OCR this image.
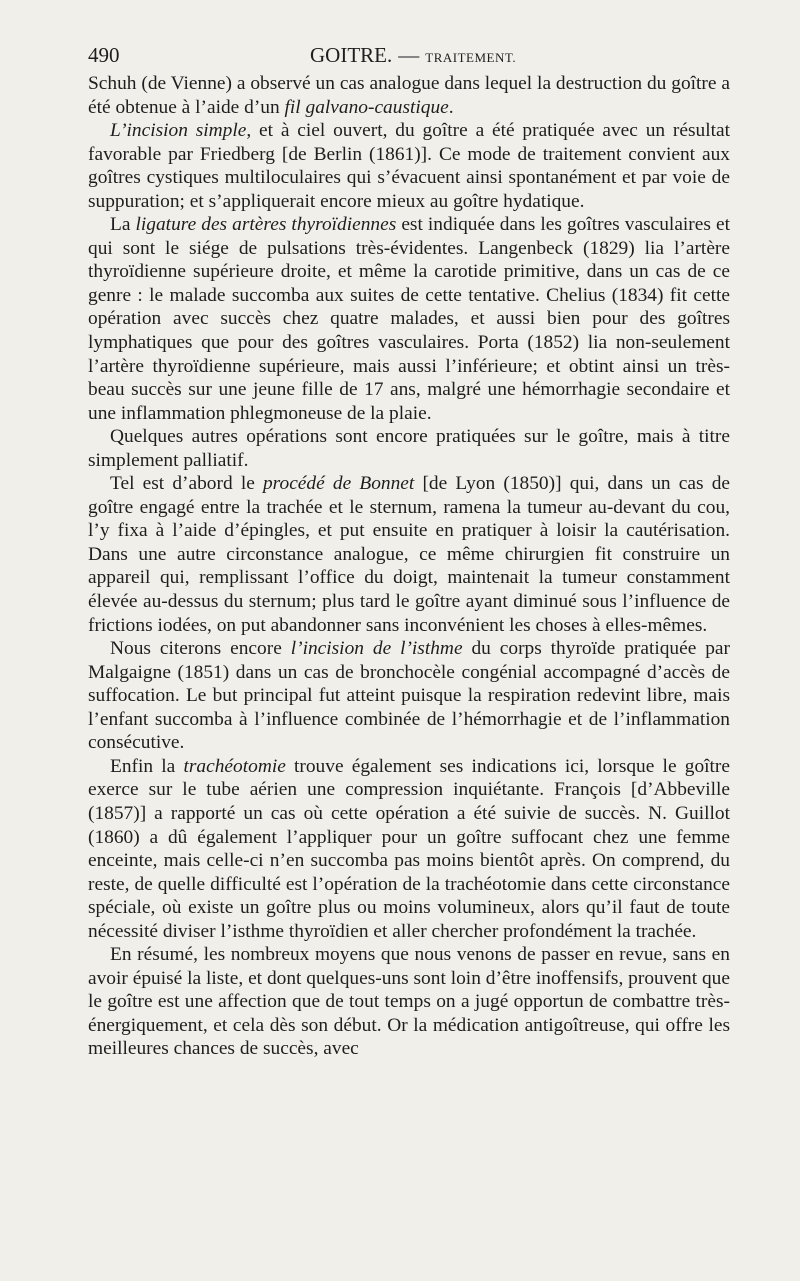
490	GOITRE. — TRAITEMENT.

Schuh (de Vienne) a observé un cas analogue dans lequel la destruction du goître a été obtenue à l’aide d’un fil galvano-caustique.

L’incision simple, et à ciel ouvert, du goître a été pratiquée avec un résultat favorable par Friedberg [de Berlin (1861)]. Ce mode de traitement convient aux goîtres cystiques multiloculaires qui s’évacuent ainsi spontanément et par voie de suppuration; et s’appliquerait encore mieux au goître hydatique.

La ligature des artères thyroïdiennes est indiquée dans les goîtres vasculaires et qui sont le siége de pulsations très-évidentes. Langenbeck (1829) lia l’artère thyroïdienne supérieure droite, et même la carotide primitive, dans un cas de ce genre : le malade succomba aux suites de cette tentative. Chelius (1834) fit cette opération avec succès chez quatre malades, et aussi bien pour des goîtres lymphatiques que pour des goîtres vasculaires. Porta (1852) lia non-seulement l’artère thyroïdienne supérieure, mais aussi l’inférieure; et obtint ainsi un très-beau succès sur une jeune fille de 17 ans, malgré une hémorrhagie secondaire et une inflammation phlegmoneuse de la plaie.

Quelques autres opérations sont encore pratiquées sur le goître, mais à titre simplement palliatif.

Tel est d’abord le procédé de Bonnet [de Lyon (1850)] qui, dans un cas de goître engagé entre la trachée et le sternum, ramena la tumeur au-devant du cou, l’y fixa à l’aide d’épingles, et put ensuite en pratiquer à loisir la cautérisation. Dans une autre circonstance analogue, ce même chirurgien fit construire un appareil qui, remplissant l’office du doigt, maintenait la tumeur constamment élevée au-dessus du sternum; plus tard le goître ayant diminué sous l’influence de frictions iodées, on put abandonner sans inconvénient les choses à elles-mêmes.

Nous citerons encore l’incision de l’isthme du corps thyroïde pratiquée par Malgaigne (1851) dans un cas de bronchocèle congénial accompagné d’accès de suffocation. Le but principal fut atteint puisque la respiration redevint libre, mais l’enfant succomba à l’influence combinée de l’hémorrhagie et de l’inflammation consécutive.

Enfin la trachéotomie trouve également ses indications ici, lorsque le goître exerce sur le tube aérien une compression inquiétante. François [d’Abbeville (1857)] a rapporté un cas où cette opération a été suivie de succès. N. Guillot (1860) a dû également l’appliquer pour un goître suffocant chez une femme enceinte, mais celle-ci n’en succomba pas moins bientôt après. On comprend, du reste, de quelle difficulté est l’opération de la trachéotomie dans cette circonstance spéciale, où existe un goître plus ou moins volumineux, alors qu’il faut de toute nécessité diviser l’isthme thyroïdien et aller chercher profondément la trachée.

En résumé, les nombreux moyens que nous venons de passer en revue, sans en avoir épuisé la liste, et dont quelques-uns sont loin d’être inoffensifs, prouvent que le goître est une affection que de tout temps on a jugé opportun de combattre très-énergiquement, et cela dès son début. Or la médication antigoîtreuse, qui offre les meilleures chances de succès, avec
